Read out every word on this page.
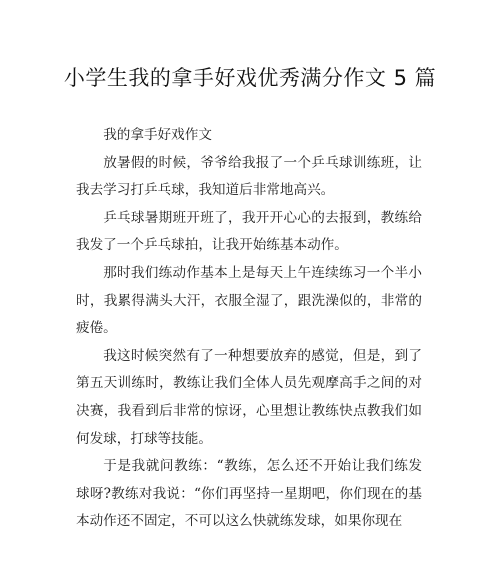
小学生我的拿手好戏优秀满分作文 5 篇

我的拿手好戏作文

放暑假的时候，爷爷给我报了一个乒乓球训练班，让我去学习打乒乓球，我知道后非常地高兴。

乒乓球暑期班开班了，我开开心心的去报到，教练给我发了一个乒乓球拍，让我开始练基本动作。

那时我们练动作基本上是每天上午连续练习一个半小时，我累得满头大汗，衣服全湿了，跟洗澡似的，非常的疲倦。

我这时候突然有了一种想要放弃的感觉，但是，到了第五天训练时，教练让我们全体人员先观摩高手之间的对决赛，我看到后非常的惊讶，心里想让教练快点教我们如何发球，打球等技能。

于是我就问教练：“教练，怎么还不开始让我们练发球呀?教练对我说：“你们再坚持一星期吧，你们现在的基本动作还不固定，不可以这么快就练发球，如果你现在
